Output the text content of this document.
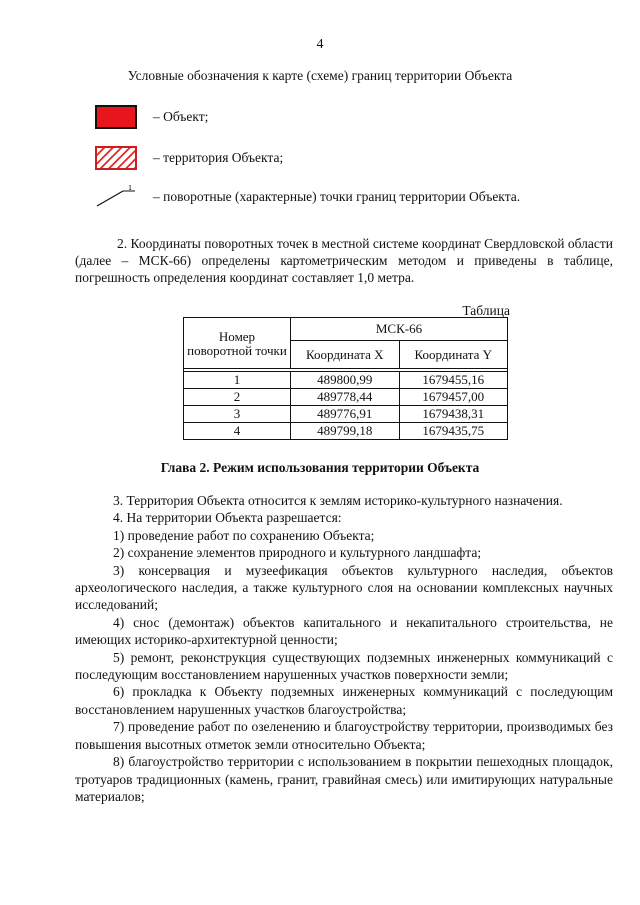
4
Условные обозначения к карте (схеме) границ территории Объекта
– Объект;
– территория Объекта;
1
– поворотные (характерные) точки границ территории Объекта.
2. Координаты поворотных точек в местной системе координат Свердловской области (далее – МСК-66) определены картометрическим методом и приведены в таблице, погрешность определения координат составляет 1,0 метра.
Таблица
Номер поворотной точки	МСК-66	
	Координата X	Координата Y

1	489800,99	1679455,16
2	489778,44	1679457,00
3	489776,91	1679438,31
4	489799,18	1679435,75
Глава 2. Режим использования территории Объекта

3. Территория Объекта относится к землям историко-культурного назначения.

4. На территории Объекта разрешается:

1) проведение работ по сохранению Объекта;

2) сохранение элементов природного и культурного ландшафта;

3) консервация и музеефикация объектов культурного наследия, объектов археологического наследия, а также культурного слоя на основании комплексных научных исследований;

4) снос (демонтаж) объектов капитального и некапитального строительства, не имеющих историко-архитектурной ценности;

5) ремонт, реконструкция существующих подземных инженерных коммуникаций с последующим восстановлением нарушенных участков поверхности земли;

6) прокладка к Объекту подземных инженерных коммуникаций с последующим восстановлением нарушенных участков благоустройства;

7) проведение работ по озеленению и благоустройству территории, производимых без повышения высотных отметок земли относительно Объекта;

8) благоустройство территории с использованием в покрытии пешеходных площадок, тротуаров традиционных (камень, гранит, гравийная смесь) или имитирующих натуральные материалов;
